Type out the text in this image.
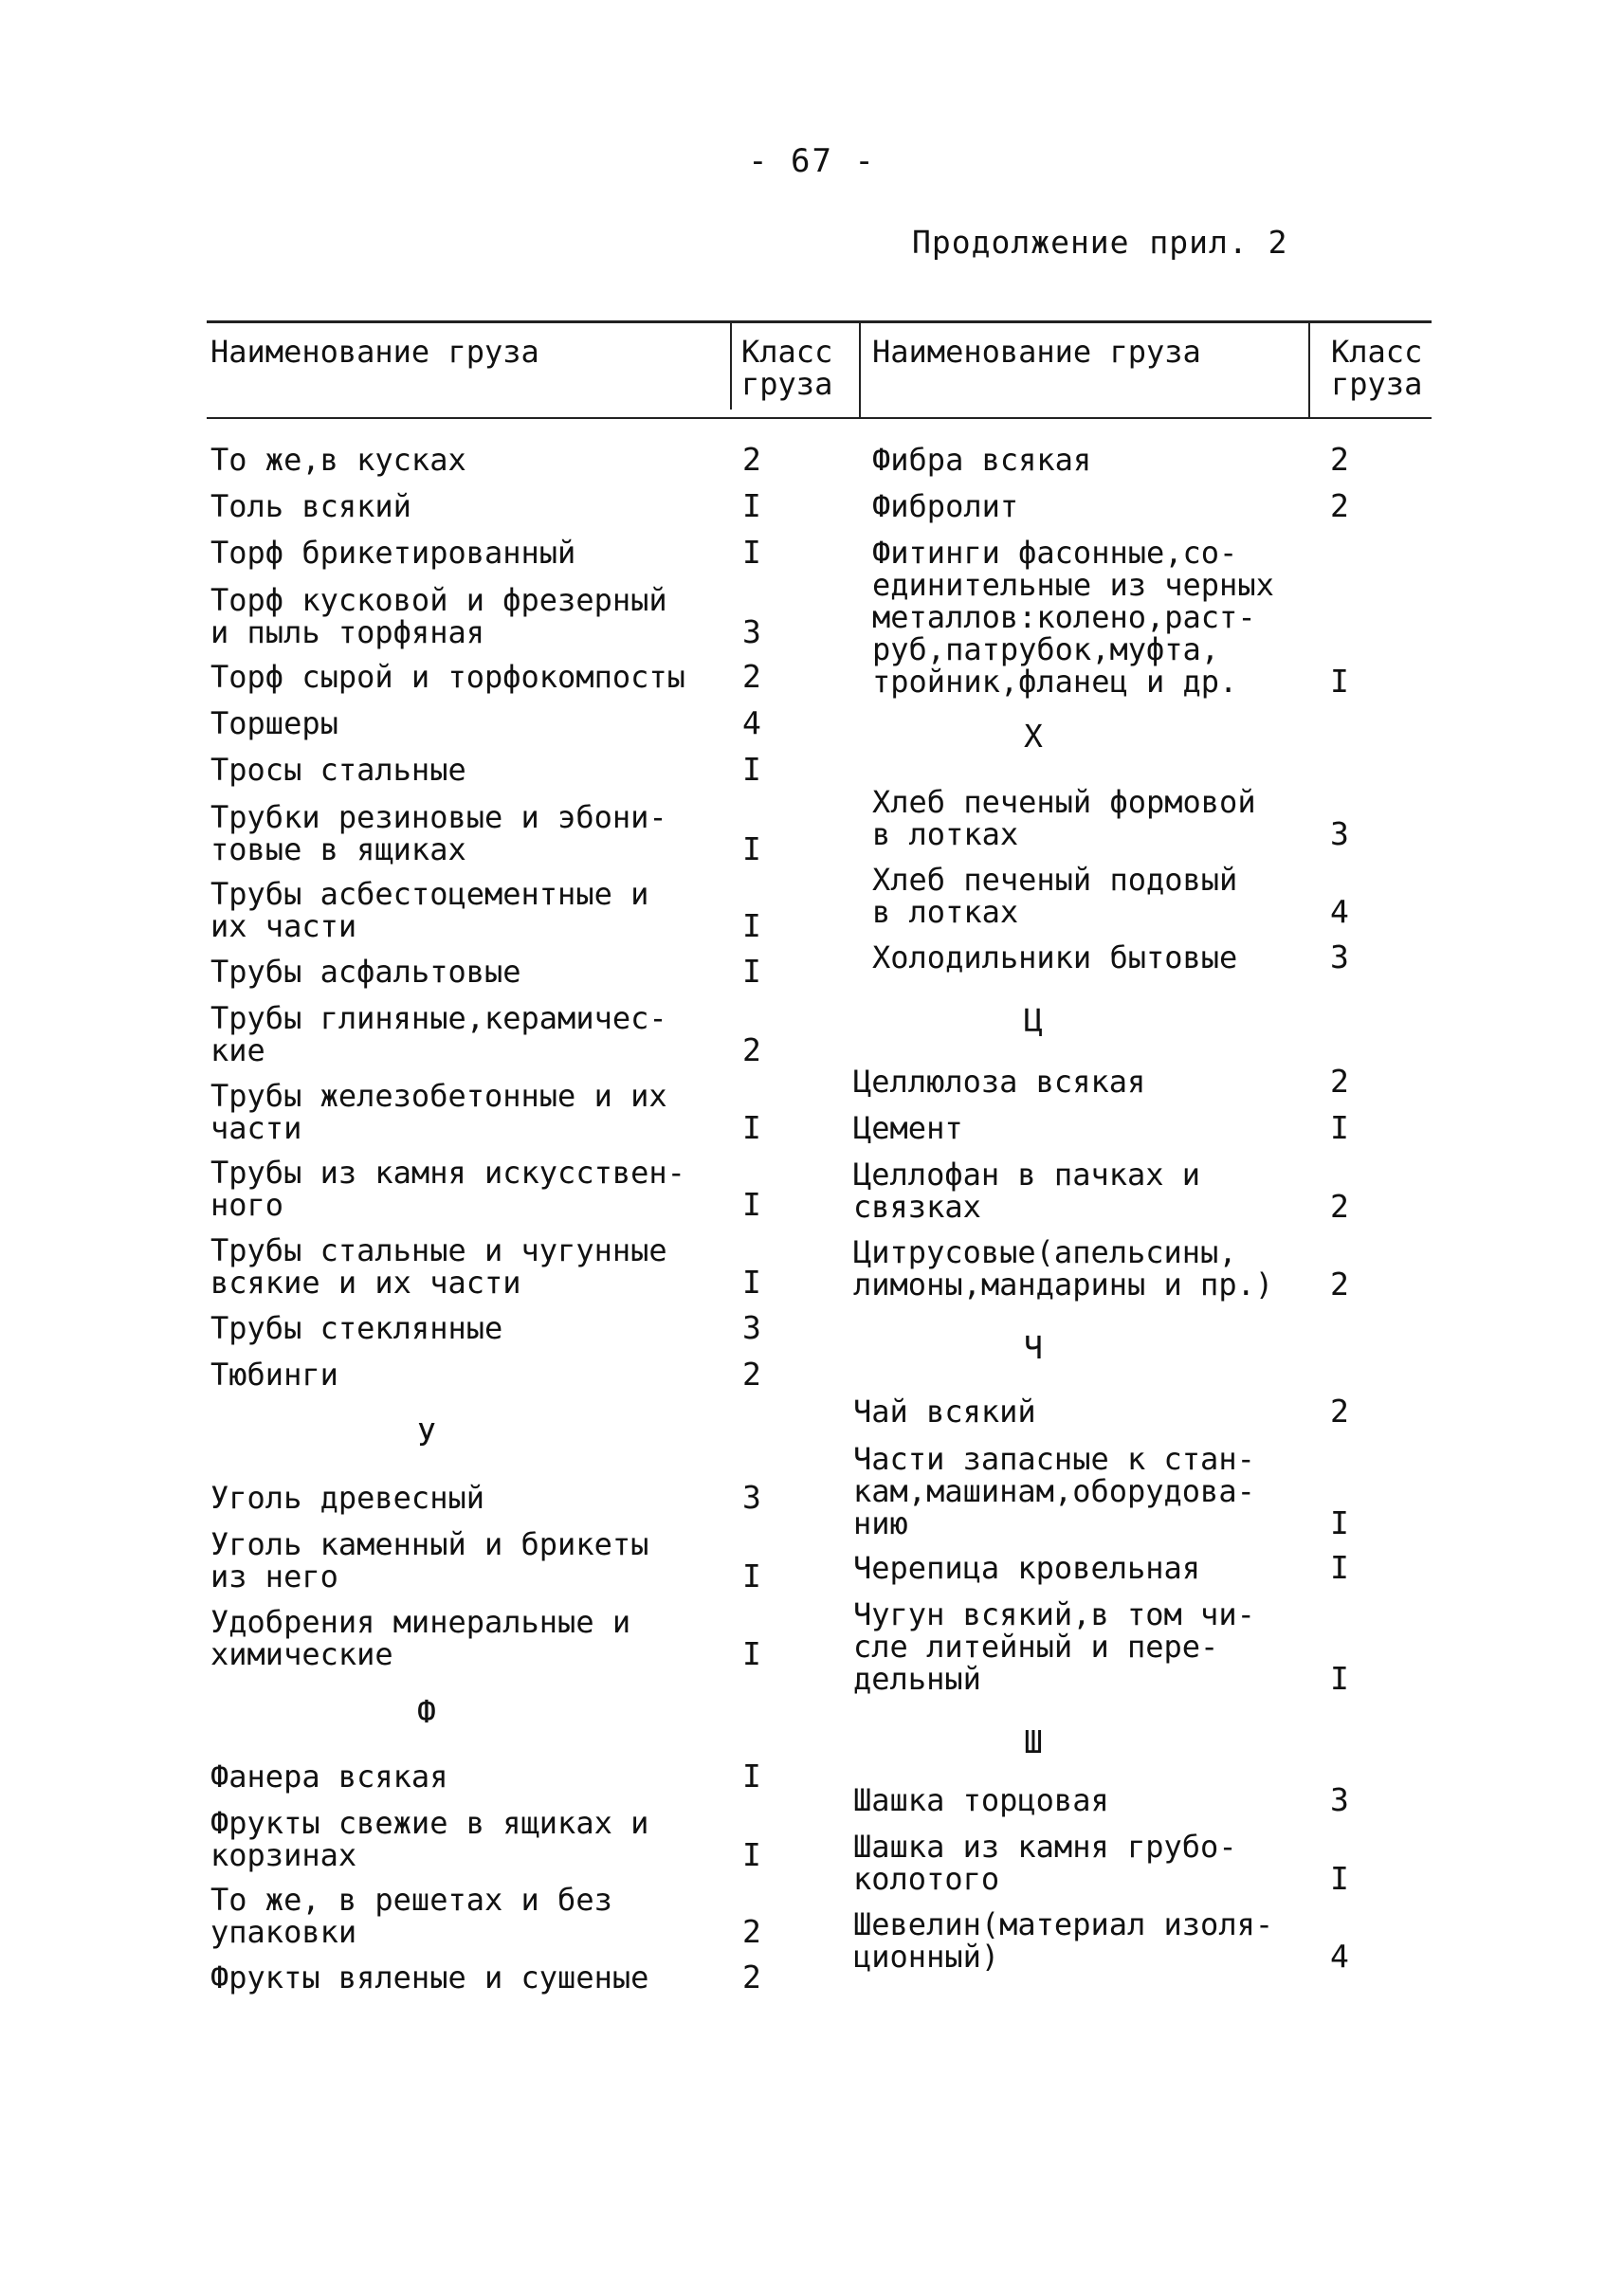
- 67 -
Продолжение прил. 2
Наименование груза	Класс
груза
Наименование груза	Класс
груза
То же,в кусках	2
Толь всякий	I
Торф брикетированный	I
Торф кусковой и фрезерный
и пыль торфяная	3
Торф сырой и торфокомпосты 2
Торшеры	4
Тросы стальные	I
Трубки резиновые и эбони-
товые в ящиках	I
Трубы асбестоцементные и
их части	I
Трубы асфальтовые	I
Трубы глиняные,керамичес-
кие	2
Трубы железобетонные и их
части	I
Трубы из камня искусствен-
ного	I
Трубы стальные и чугунные
всякие и их части	I
Трубы стеклянные	3
Тюбинги	2
У
Уголь древесный	3
Уголь каменный и брикеты
из него	I
Удобрения минеральные и
химические	I
Ф
Фанера всякая	I
Фрукты свежие в ящиках и
корзинах	I
То же, в решетах и без
упаковки	2
Фрукты вяленые и сушеные	2
Фибра всякая	2
Фибролит	2
Фитинги фасонные,со-
единительные из черных
металлов:колено,раст-
руб,патрубок,муфта,
тройник,фланец и др.	I
Х
Хлеб печеный формовой
в лотках	3
Хлеб печеный подовый
в лотках	4
Холодильники бытовые	3
Ц
Целлюлоза всякая	2
Цемент	I
Целлофан в пачках и
связках	2
Цитрусовые(апельсины,
лимоны,мандарины и пр.) 2
Ч
Чай всякий	2
Части запасные к стан-
кам,машинам,оборудова-
нию	I
Черепица кровельная	I
Чугун всякий,в том чи-
сле литейный и пере-
дельный	I
Ш
Шашка торцовая	3
Шашка из камня грубо-
колотого	I
Шевелин(материал изоля-
ционный)	4
